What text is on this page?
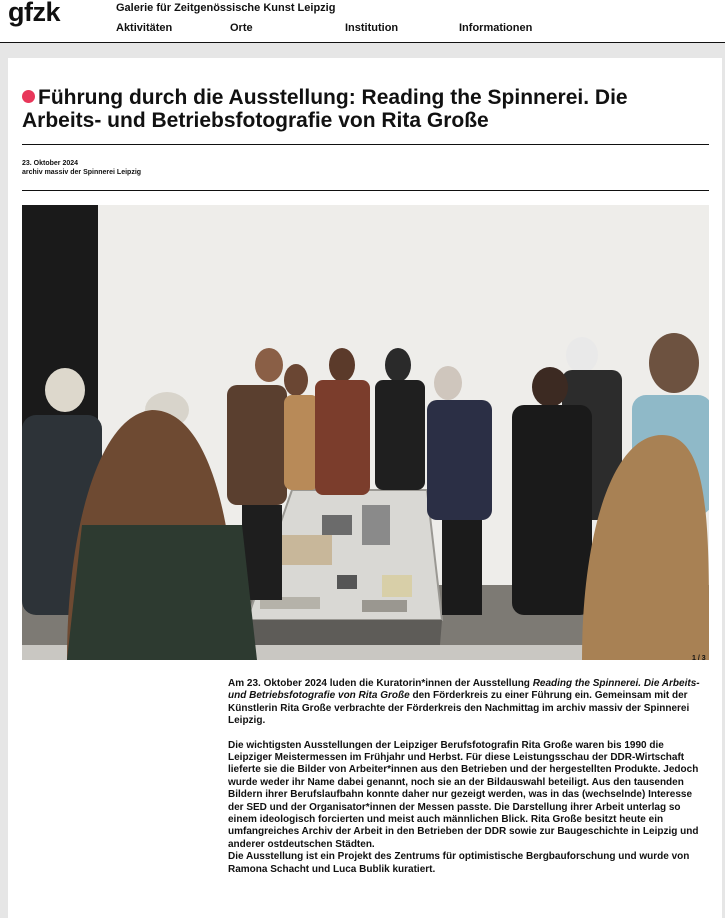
gfzk	Galerie für Zeitgenössische Kunst Leipzig
Aktivitäten	Orte	Institution	Informationen
Führung durch die Ausstellung: Reading the Spinnerei. Die Arbeits- und Betriebsfotografie von Rita Große
23. Oktober 2024
archiv massiv der Spinnerei Leipzig
1 / 3

Am 23. Oktober 2024 luden die Kuratorin*innen der Ausstellung Reading the Spinnerei. Die Arbeits- und Betriebsfotografie von Rita Große den Förderkreis zu einer Führung ein. Gemeinsam mit der Künstlerin Rita Große verbrachte der Förderkreis den Nachmittag im archiv massiv der Spinnerei Leipzig.

Die wichtigsten Ausstellungen der Leipziger Berufsfotografin Rita Große waren bis 1990 die Leipziger Meistermessen im Frühjahr und Herbst. Für diese Leistungsschau der DDR-Wirtschaft lieferte sie die Bilder von Arbeiter*innen aus den Betrieben und der hergestellten Produkte. Jedoch wurde weder ihr Name dabei genannt, noch sie an der Bildauswahl beteiligt. Aus den tausenden Bildern ihrer Berufslaufbahn konnte daher nur gezeigt werden, was in das (wechselnde) Interesse der SED und der Organisator*innen der Messen passte. Die Darstellung ihrer Arbeit unterlag so einem ideologisch forcierten und meist auch männlichen Blick. Rita Große besitzt heute ein umfangreiches Archiv der Arbeit in den Betrieben der DDR sowie zur Baugeschichte in Leipzig und anderer ostdeutschen Städten.

Die Ausstellung ist ein Projekt des Zentrums für optimistische Bergbauforschung und wurde von Ramona Schacht und Luca Bublik kuratiert.
